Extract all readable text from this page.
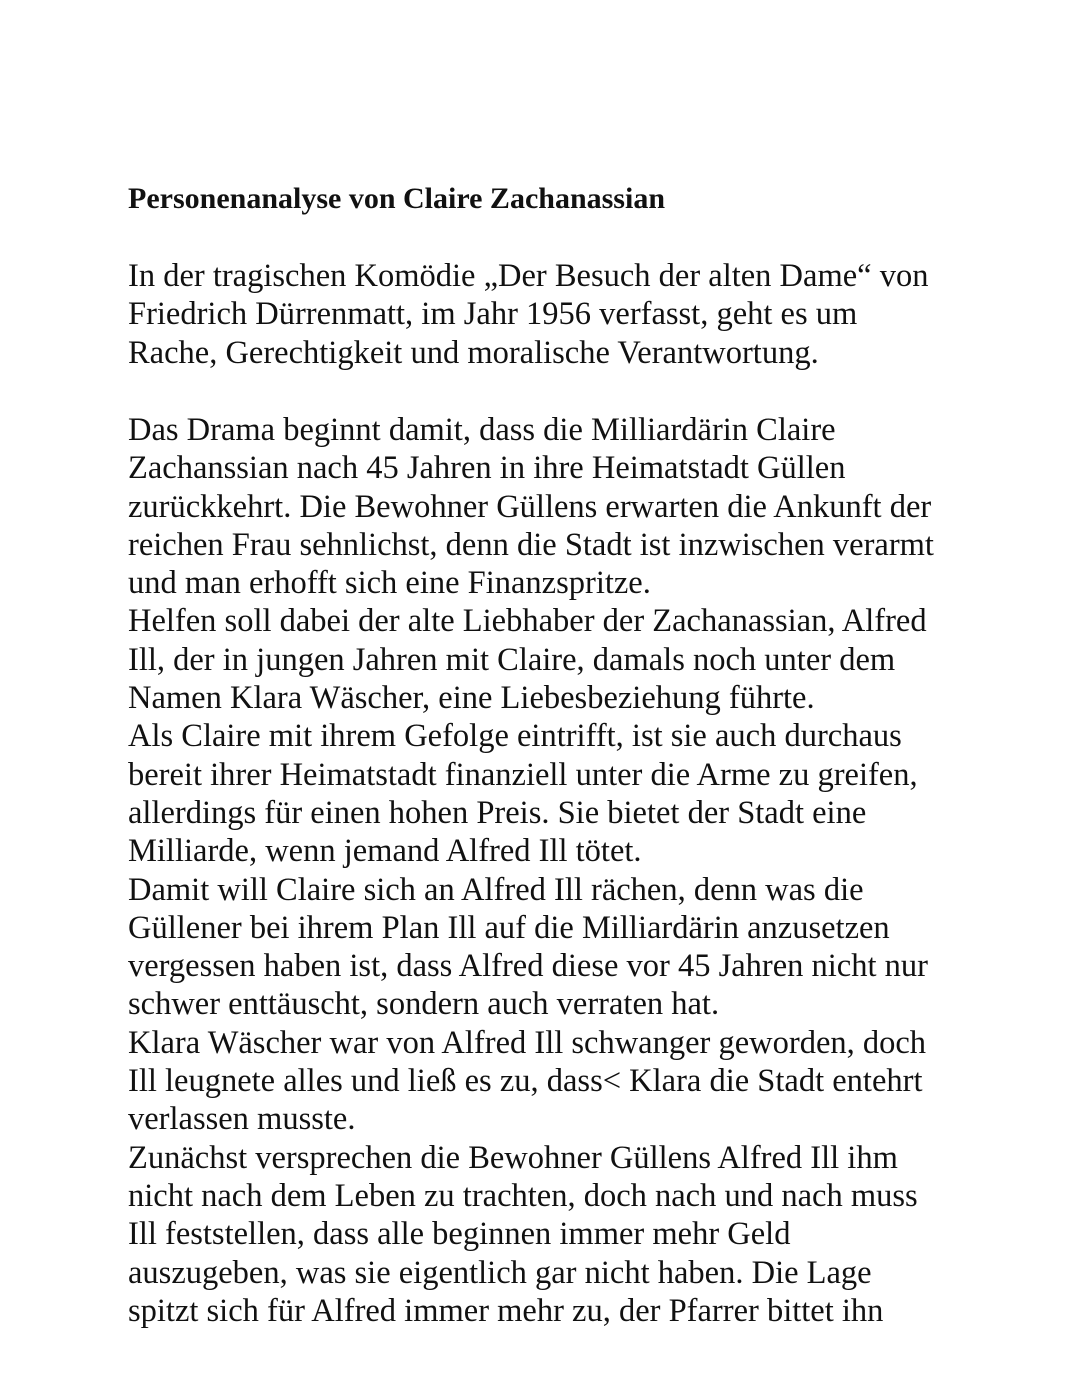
Personenanalyse von Claire Zachanassian
In der tragischen Komödie „Der Besuch der alten Dame“ von
Friedrich Dürrenmatt, im Jahr 1956 verfasst, geht es um
Rache, Gerechtigkeit und moralische Verantwortung.
Das Drama beginnt damit, dass die Milliardärin Claire
Zachanssian nach 45 Jahren in ihre Heimatstadt Güllen
zurückkehrt. Die Bewohner Güllens erwarten die Ankunft der
reichen Frau sehnlichst, denn die Stadt ist inzwischen verarmt
und man erhofft sich eine Finanzspritze.
Helfen soll dabei der alte Liebhaber der Zachanassian, Alfred
Ill, der in jungen Jahren mit Claire, damals noch unter dem
Namen Klara Wäscher, eine Liebesbeziehung führte.
Als Claire mit ihrem Gefolge eintrifft, ist sie auch durchaus
bereit ihrer Heimatstadt finanziell unter die Arme zu greifen,
allerdings für einen hohen Preis. Sie bietet der Stadt eine
Milliarde, wenn jemand Alfred Ill tötet.
Damit will Claire sich an Alfred Ill rächen, denn was die
Güllener bei ihrem Plan Ill auf die Milliardärin anzusetzen
vergessen haben ist, dass Alfred diese vor 45 Jahren nicht nur
schwer enttäuscht, sondern auch verraten hat.
Klara Wäscher war von Alfred Ill schwanger geworden, doch
Ill leugnete alles und ließ es zu, dass< Klara die Stadt entehrt
verlassen musste.
Zunächst versprechen die Bewohner Güllens Alfred Ill ihm
nicht nach dem Leben zu trachten, doch nach und nach muss
Ill feststellen, dass alle beginnen immer mehr Geld
auszugeben, was sie eigentlich gar nicht haben. Die Lage
spitzt sich für Alfred immer mehr zu, der Pfarrer bittet ihn
